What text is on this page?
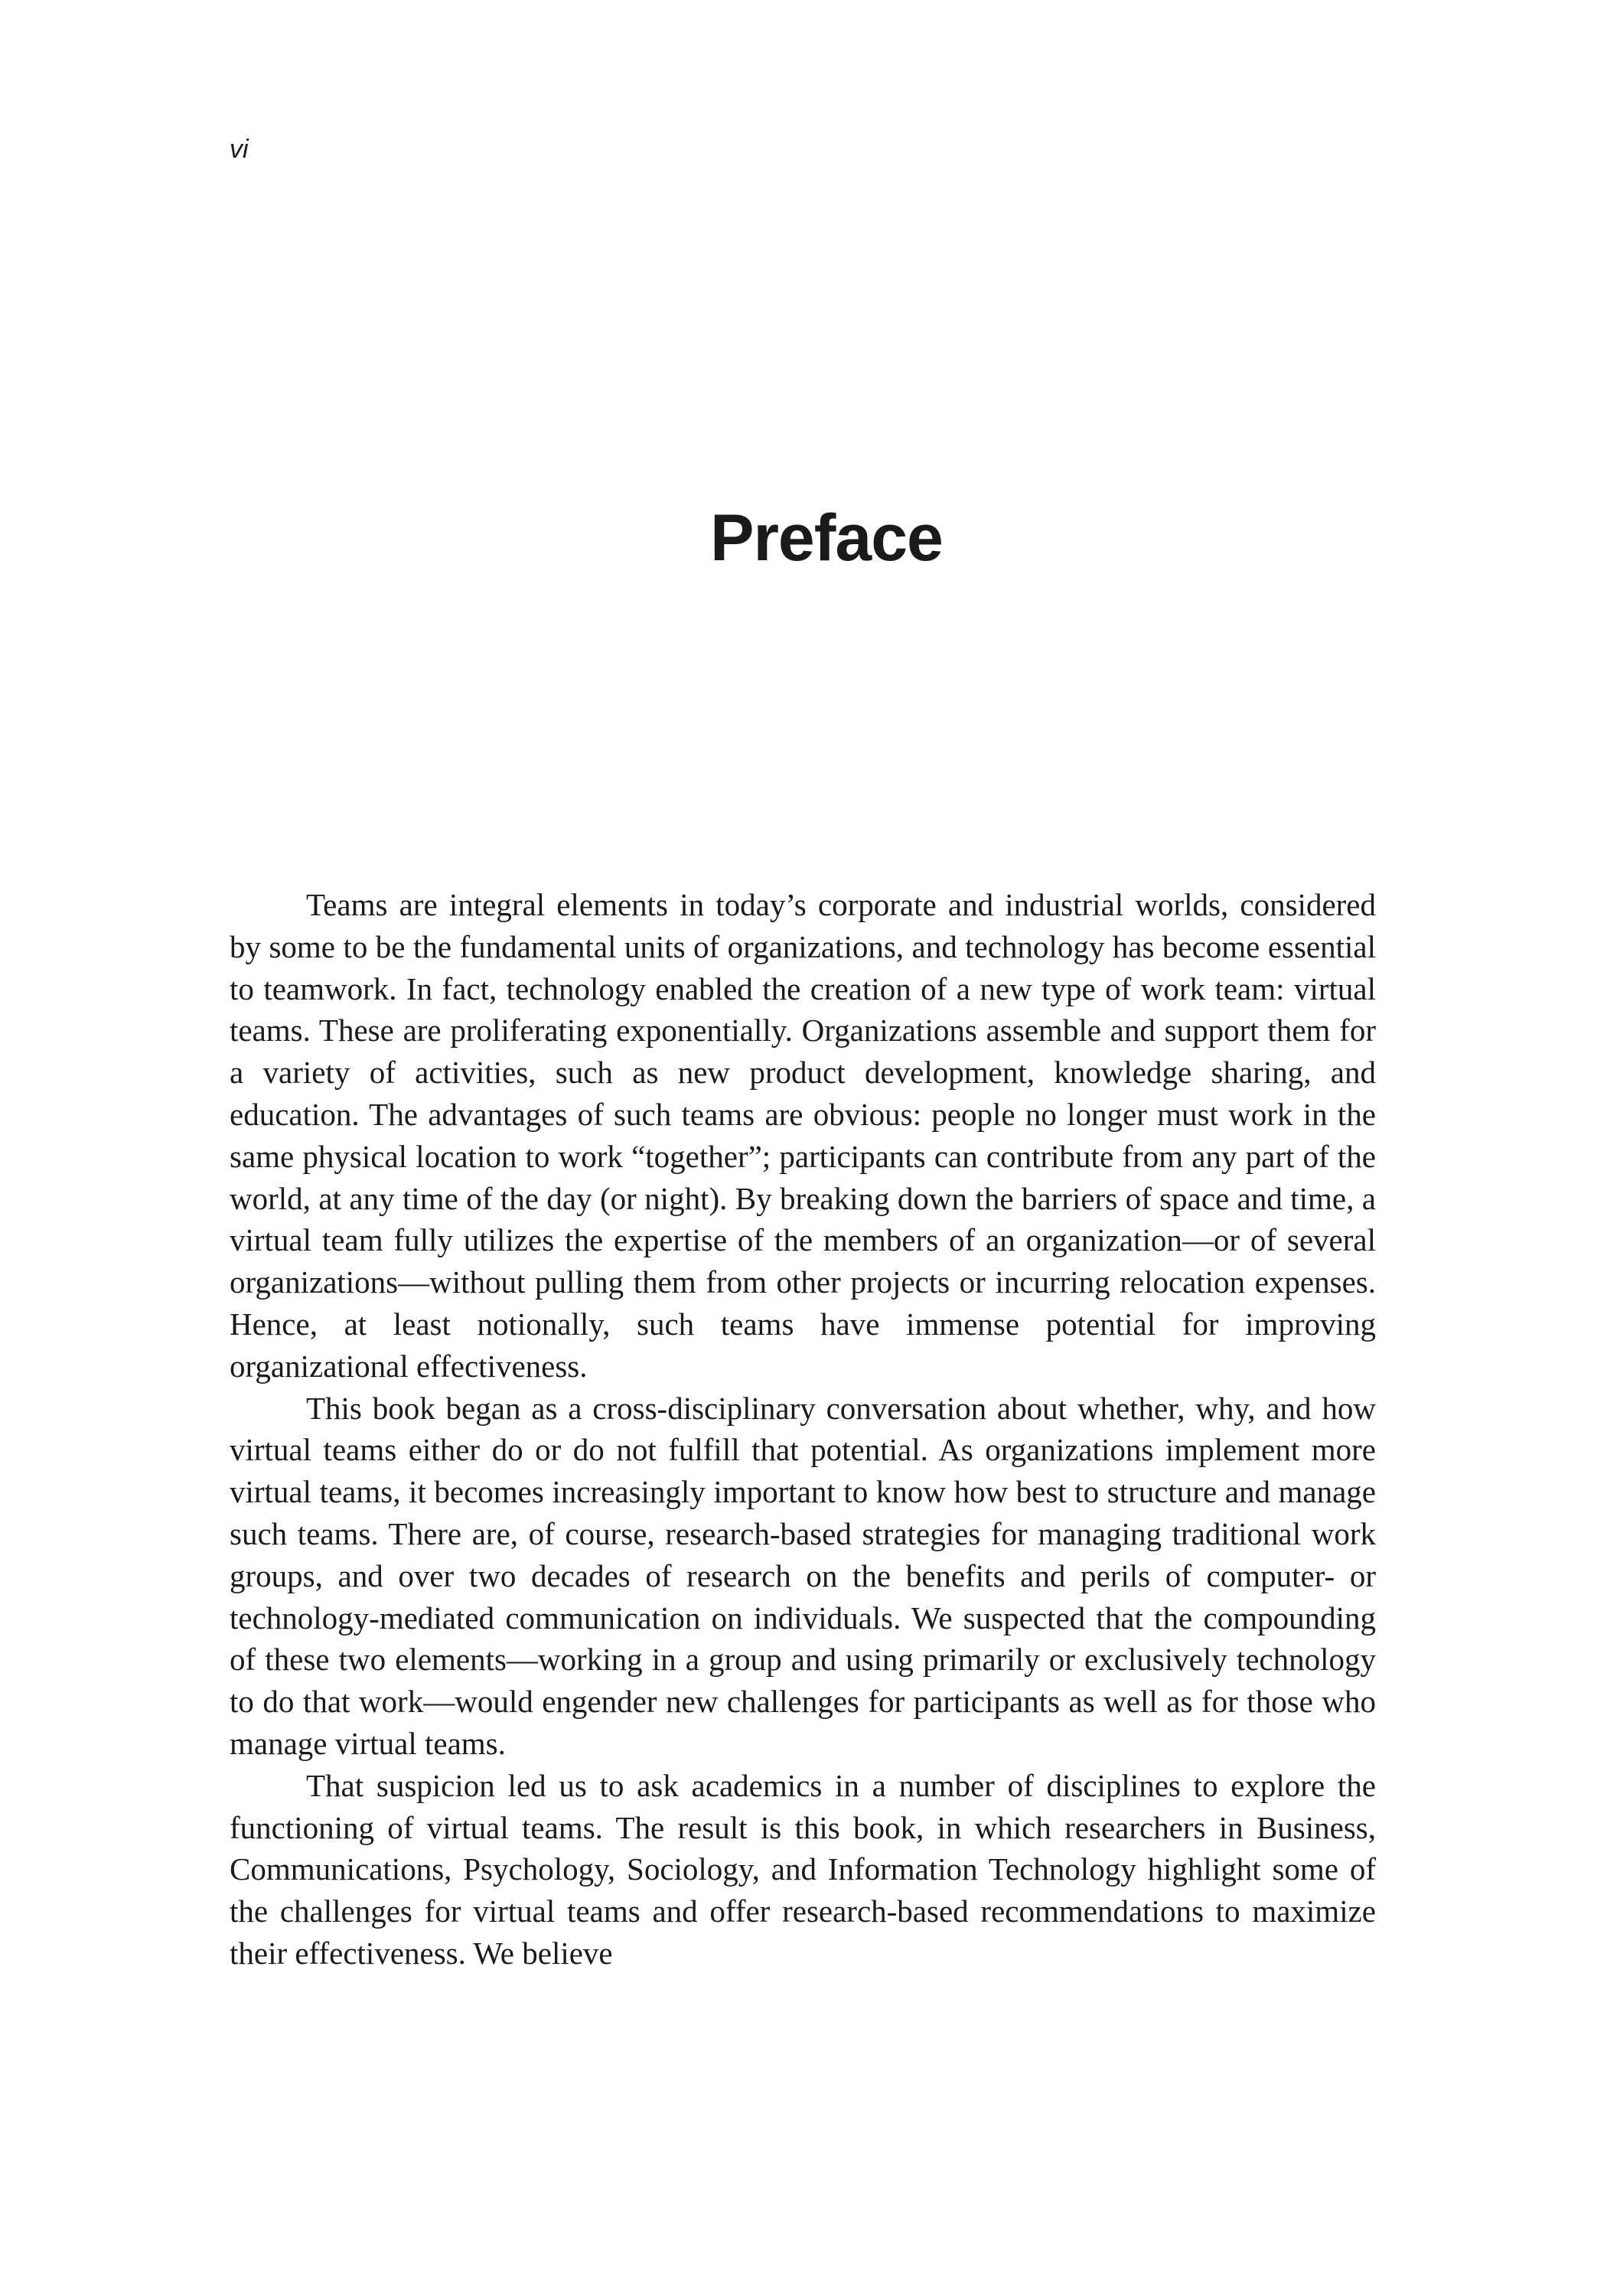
vi
Preface

Teams are integral elements in today’s corporate and industrial worlds, considered by some to be the fundamental units of organizations, and technology has become essential to teamwork. In fact, technology enabled the creation of a new type of work team: virtual teams. These are proliferating exponentially. Organizations assemble and support them for a variety of activities, such as new product development, knowledge sharing, and education. The advantages of such teams are obvious: people no longer must work in the same physical location to work “together”; participants can contribute from any part of the world, at any time of the day (or night). By breaking down the barriers of space and time, a virtual team fully utilizes the expertise of the members of an organization—or of several organizations—without pulling them from other projects or incurring relocation expenses. Hence, at least notionally, such teams have immense potential for improving organizational effectiveness.

This book began as a cross-disciplinary conversation about whether, why, and how virtual teams either do or do not fulfill that potential. As organizations implement more virtual teams, it becomes increasingly important to know how best to structure and manage such teams. There are, of course, research-based strategies for managing traditional work groups, and over two decades of research on the benefits and perils of computer- or technology-mediated communication on individuals. We suspected that the compounding of these two elements—working in a group and using primarily or exclusively technology to do that work—would engender new challenges for participants as well as for those who manage virtual teams.

That suspicion led us to ask academics in a number of disciplines to explore the functioning of virtual teams. The result is this book, in which researchers in Business, Communications, Psychology, Sociology, and Information Technology highlight some of the challenges for virtual teams and offer research-based recommendations to maximize their effectiveness. We believe
